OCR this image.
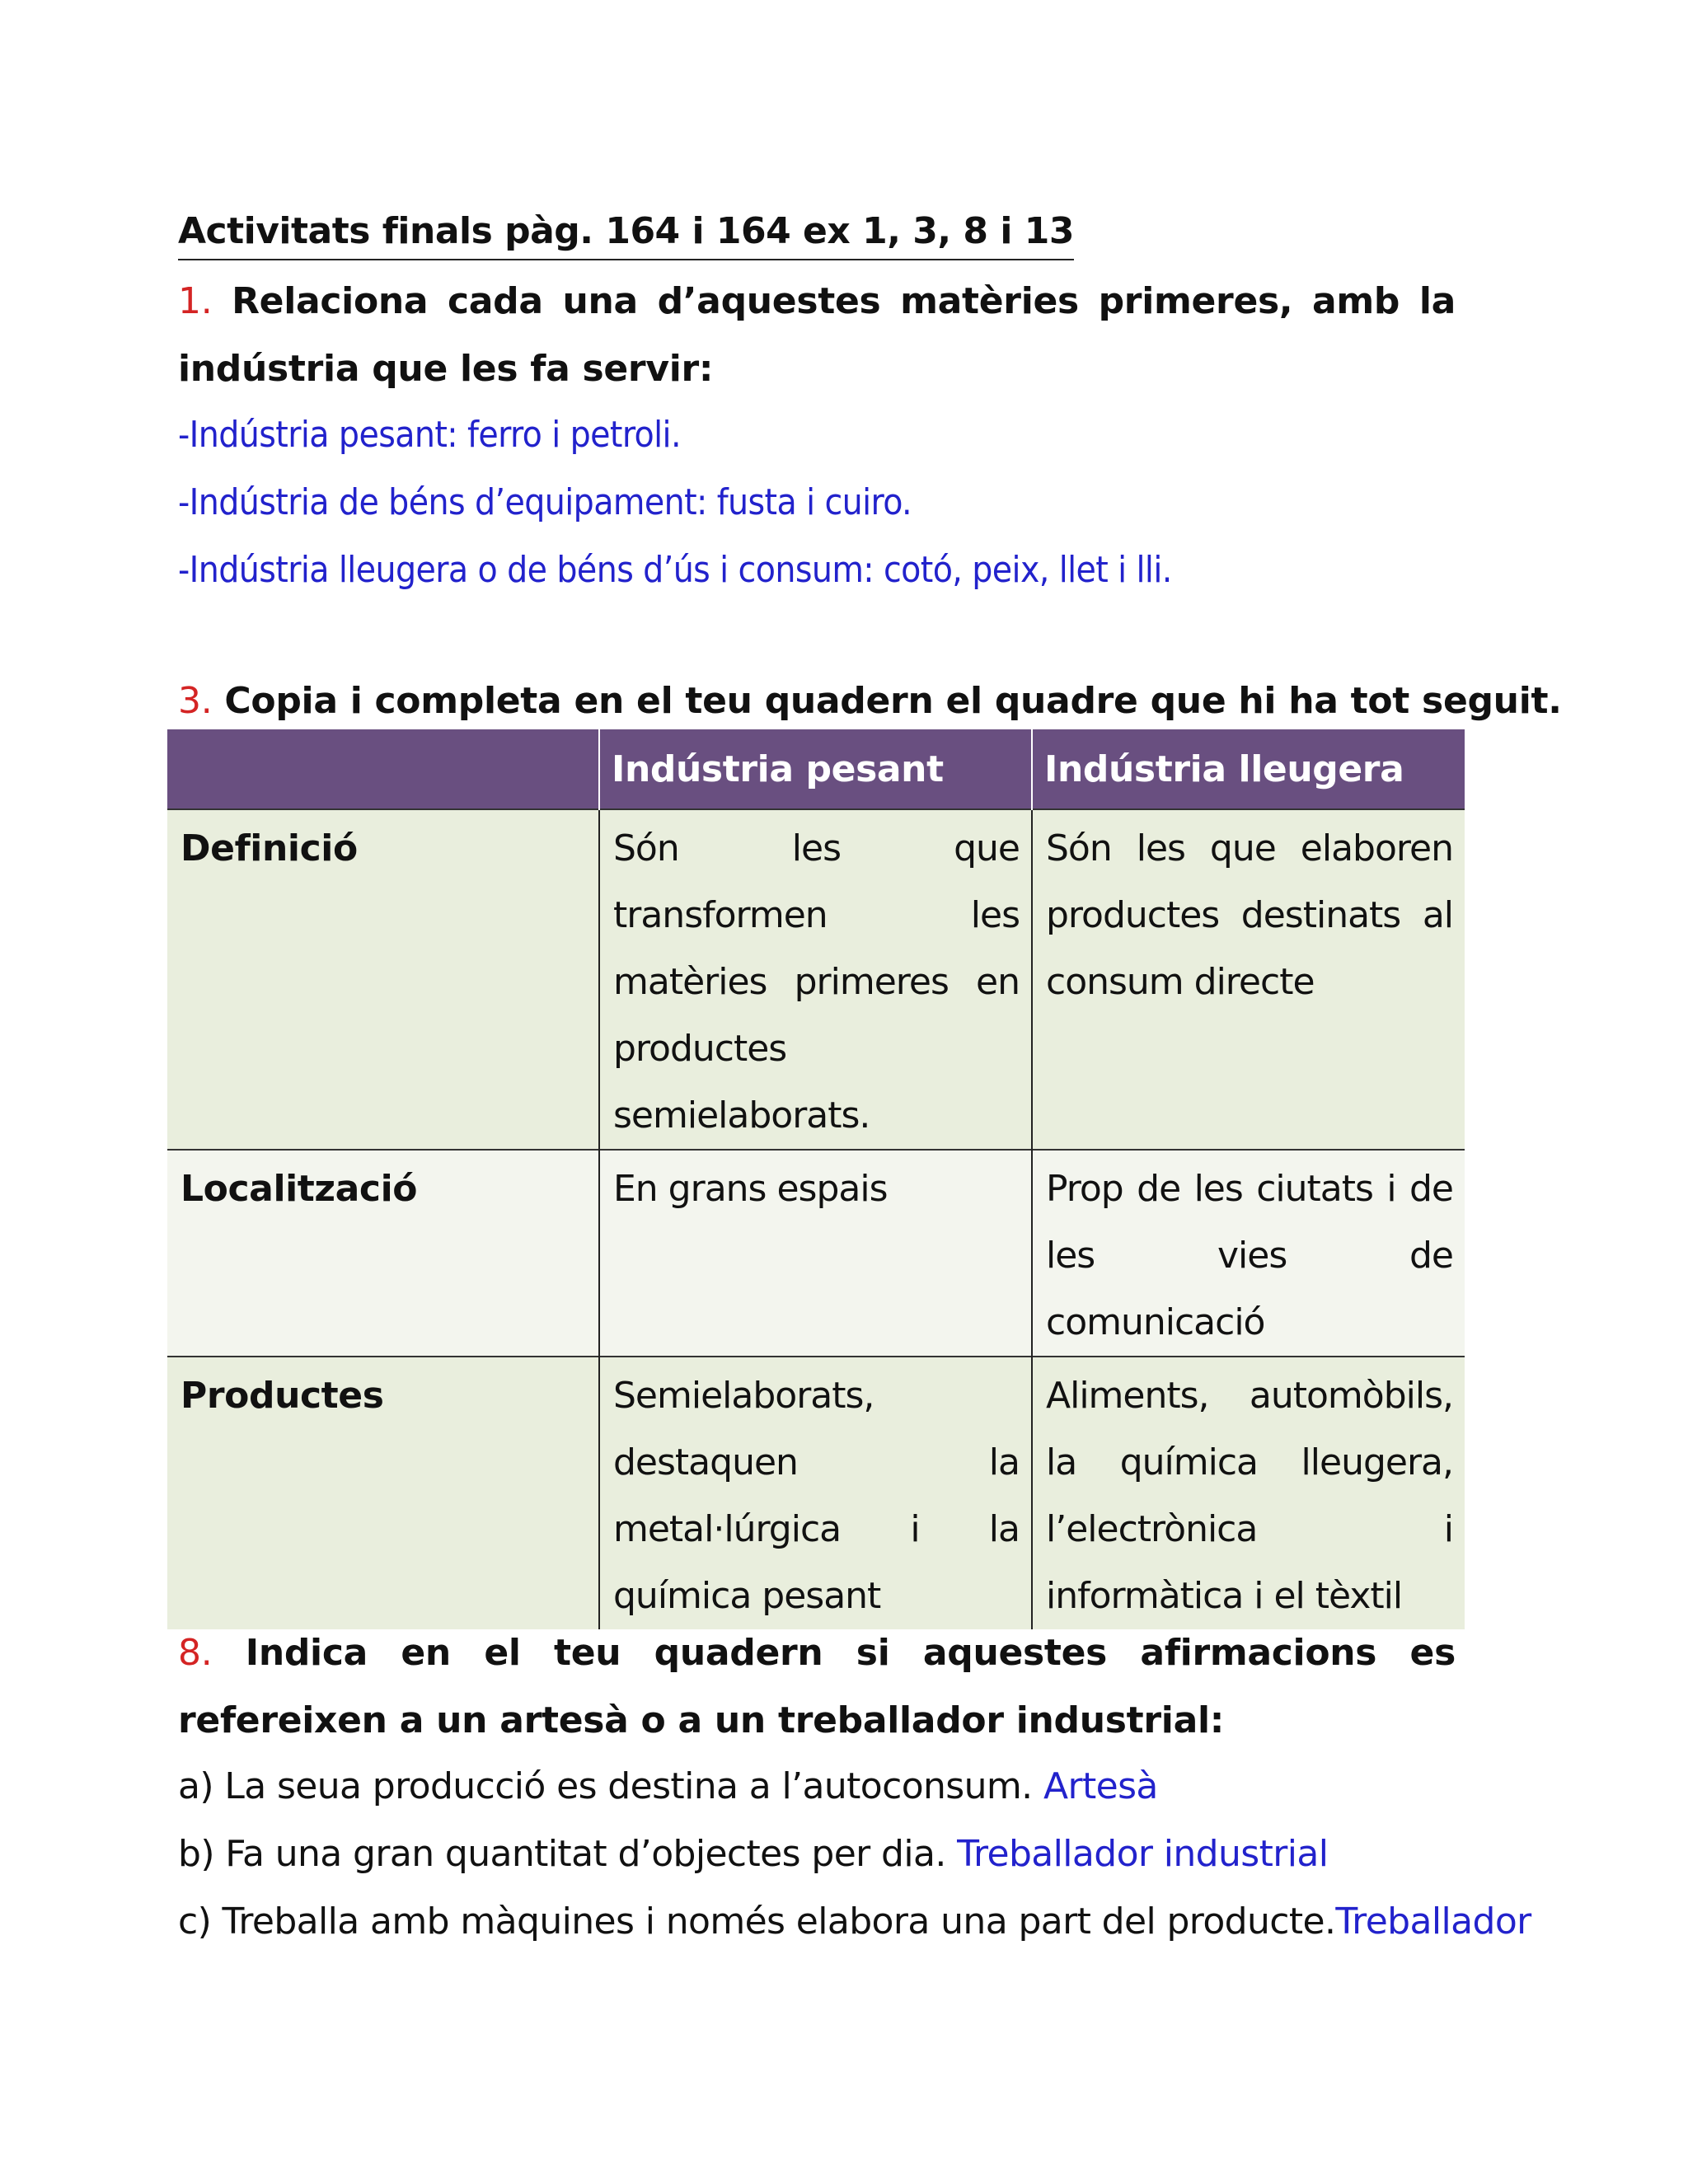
Activitats finals pàg. 164 i 164 ex 1, 3, 8 i 13
1. Relaciona cada una d’aquestes matèries primeres, amb la indústria que les fa servir:
-Indústria pesant: ferro i petroli.
-Indústria de béns d’equipament: fusta i cuiro.
-Indústria lleugera o de béns d’ús i consum: cotó, peix, llet i lli.
3. Copia i completa en el teu quadern el quadre que hi ha tot seguit.
	Indústria pesant	Indústria lleugera
Definició	Són les que transformen les matèries primeres en productes semielaborats.	Són les que elaboren productes destinats al consum directe
Localització	En grans espais	Prop de les ciutats i de les vies de comunicació
Productes	Semielaborats, destaquen la metal·lúrgica i la química pesant	Aliments, automòbils, la química lleugera, l’electrònica i informàtica i el tèxtil
8. Indica en el teu quadern si aquestes afirmacions es refereixen a un artesà o a un treballador industrial:
a) La seua producció es destina a l’autoconsum. Artesà
b) Fa una gran quantitat d’objectes per dia. Treballador industrial
c) Treballa amb màquines i només elabora una part del producte. Treballador
